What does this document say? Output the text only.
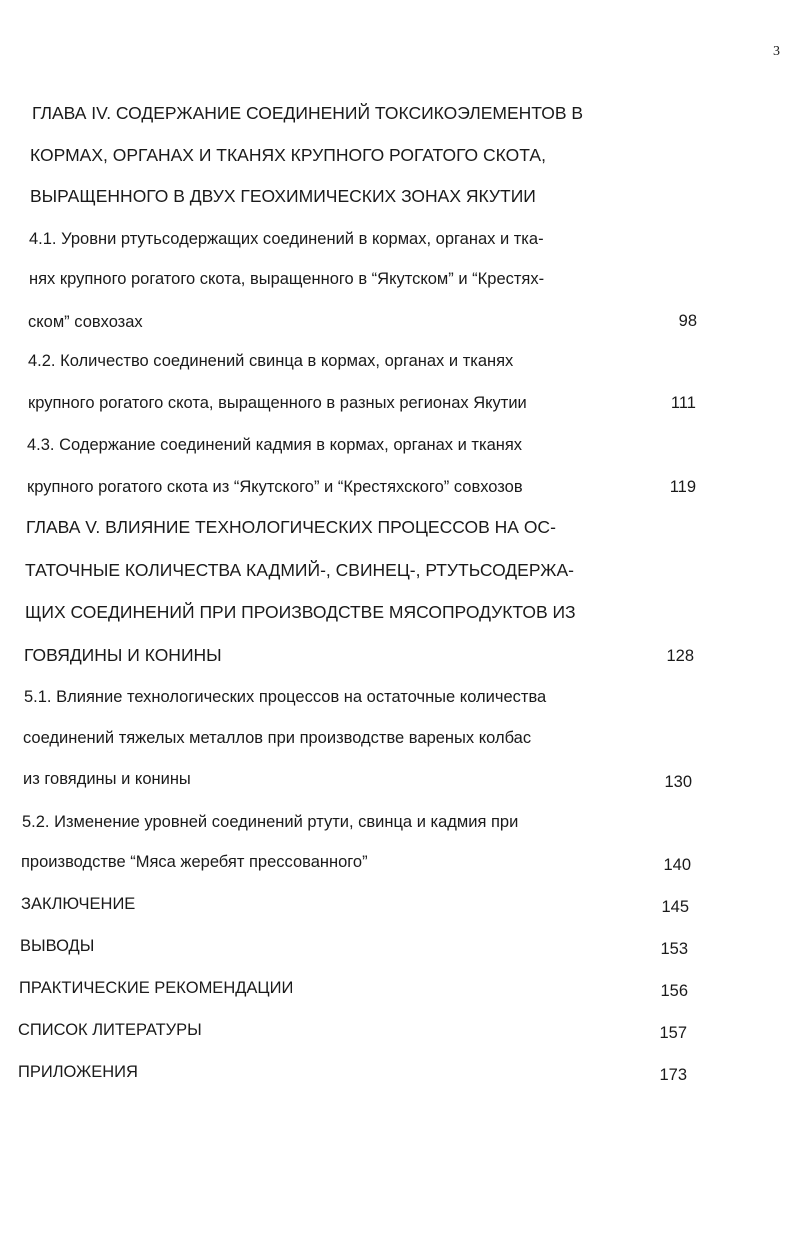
3
ГЛАВА IV. СОДЕРЖАНИЕ СОЕДИНЕНИЙ ТОКСИКОЭЛЕМЕНТОВ В
КОРМАХ, ОРГАНАХ И ТКАНЯХ КРУПНОГО РОГАТОГО СКОТА,
ВЫРАЩЕННОГО В ДВУХ ГЕОХИМИЧЕСКИХ ЗОНАХ ЯКУТИИ
4.1. Уровни ртутьсодержащих соединений в кормах, органах и тка-
нях крупного рогатого скота, выращенного в “Якутском” и “Крестях-
ском” совхозах
4.2. Количество соединений свинца в кормах, органах и тканях
крупного рогатого скота, выращенного в разных регионах Якутии
4.3. Содержание соединений кадмия в кормах, органах и тканях
крупного рогатого скота из “Якутского” и “Крестяхского” совхозов
ГЛАВА V. ВЛИЯНИЕ ТЕХНОЛОГИЧЕСКИХ ПРОЦЕССОВ НА ОС-
ТАТОЧНЫЕ КОЛИЧЕСТВА КАДМИЙ-, СВИНЕЦ-, РТУТЬСОДЕРЖА-
ЩИХ СОЕДИНЕНИЙ ПРИ ПРОИЗВОДСТВЕ МЯСОПРОДУКТОВ ИЗ
ГОВЯДИНЫ И КОНИНЫ
5.1. Влияние технологических процессов на остаточные количества
соединений тяжелых металлов при производстве вареных колбас
из говядины и конины
5.2. Изменение уровней соединений ртути, свинца и кадмия при
производстве “Мяса жеребят прессованного”
ЗАКЛЮЧЕНИЕ
ВЫВОДЫ
ПРАКТИЧЕСКИЕ РЕКОМЕНДАЦИИ
СПИСОК ЛИТЕРАТУРЫ
ПРИЛОЖЕНИЯ
98
111
119
128
130
140
145
153
156
157
173
